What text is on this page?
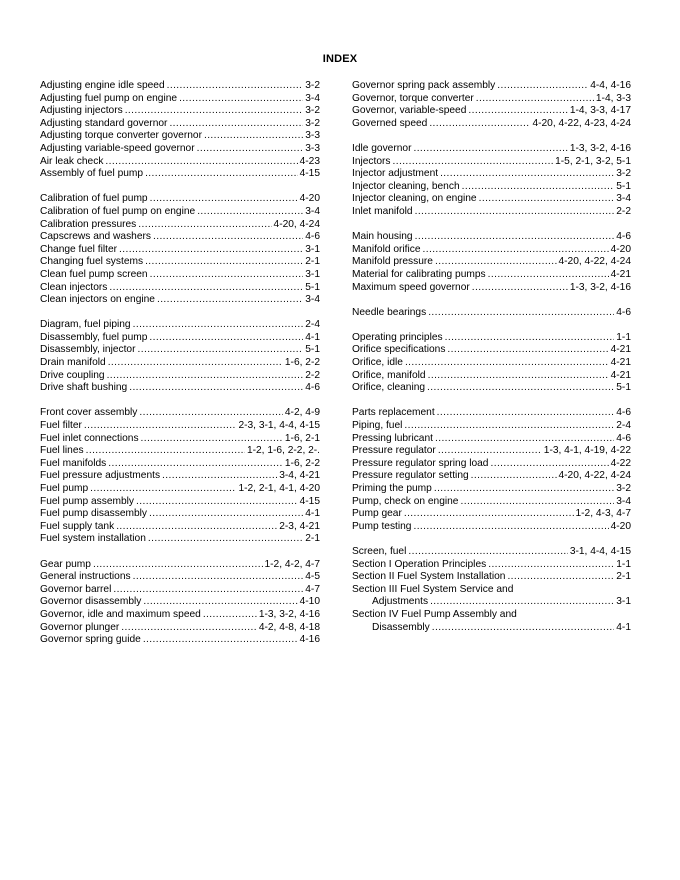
INDEX
Adjusting engine idle speed .....	3-2
Adjusting fuel pump on engine .....	3-4
Adjusting injectors .....	3-2
Adjusting standard governor .....	3-2
Adjusting torque converter governor .....	3-3
Adjusting variable-speed governor .....	3-3
Air leak check .....	4-23
Assembly of fuel pump .....	4-15
Calibration of fuel pump .....	4-20
Calibration of fuel pump on engine .....	3-4
Calibration pressures .....	4-20, 4-24
Capscrews and washers .....	4-6
Change fuel filter .....	3-1
Changing fuel systems .....	2-1
Clean fuel pump screen .....	3-1
Clean injectors .....	5-1
Clean injectors on engine .....	3-4
Diagram, fuel piping .....	2-4
Disassembly, fuel pump .....	4-1
Disassembly, injector .....	5-1
Drain manifold .....	1-6, 2-2
Drive coupling .....	2-2
Drive shaft bushing .....	4-6
Front cover assembly .....	4-2, 4-9
Fuel filter .....	2-3, 3-1, 4-4, 4-15
Fuel inlet connections .....	1-6, 2-1
Fuel lines .....	1-2, 1-6, 2-2, 2-.
Fuel manifolds .....	1-6, 2-2
Fuel pressure adjustments .....	3-4, 4-21
Fuel pump .....	1-2, 2-1, 4-1, 4-20
Fuel pump assembly .....	4-15
Fuel pump disassembly .....	4-1
Fuel supply tank .....	2-3, 4-21
Fuel system installation .....	2-1
Gear pump .....	1-2, 4-2, 4-7
General instructions .....	4-5
Governor barrel .....	4-7
Governor disassembly .....	4-10
Governor, idle and maximum speed .....	1-3, 3-2, 4-16
Governor plunger .....	4-2, 4-8, 4-18
Governor spring guide .....	4-16
Governor spring pack assembly .....	4-4, 4-16
Governor, torque converter .....	1-4, 3-3
Governor, variable-speed .....	1-4, 3-3, 4-17
Governed speed .....	4-20, 4-22, 4-23, 4-24
Idle governor .....	1-3, 3-2, 4-16
Injectors .....	1-5, 2-1, 3-2, 5-1
Injector adjustment .....	3-2
Injector cleaning, bench .....	5-1
Injector cleaning, on engine .....	3-4
Inlet manifold .....	2-2
Main housing .....	4-6
Manifold orifice .....	4-20
Manifold pressure .....	4-20, 4-22, 4-24
Material for calibrating pumps .....	4-21
Maximum speed governor .....	1-3, 3-2, 4-16
Needle bearings .....	4-6
Operating principles .....	1-1
Orifice specifications .....	4-21
Orifice, idle .....	4-21
Orifice, manifold .....	4-21
Orifice, cleaning .....	5-1
Parts replacement .....	4-6
Piping, fuel .....	2-4
Pressing lubricant .....	4-6
Pressure regulator .....	1-3, 4-1, 4-19, 4-22
Pressure regulator spring load .....	4-22
Pressure regulator setting .....	4-20, 4-22, 4-24
Priming the pump .....	3-2
Pump, check on engine .....	3-4
Pump gear .....	1-2, 4-3, 4-7
Pump testing .....	4-20
Screen, fuel .....	3-1, 4-4, 4-15
Section I Operation Principles .....	1-1
Section II Fuel System Installation .....	2-1
Section III Fuel System Service and
Adjustments .....	3-1
Section IV Fuel Pump Assembly and
Disassembly .....	4-1
